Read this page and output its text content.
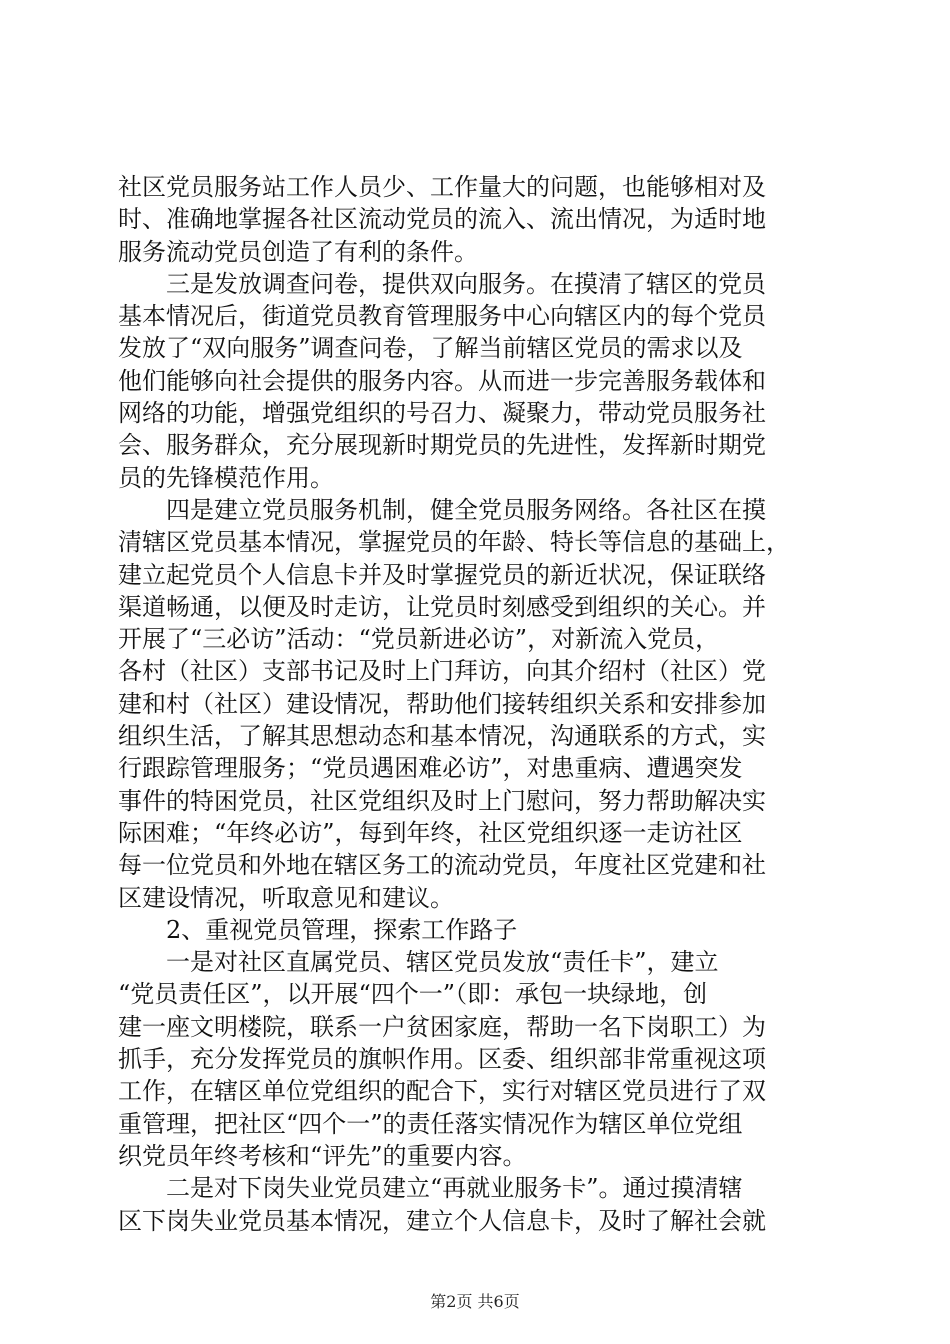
社区党员服务站工作人员少、工作量大的问题，也能够相对及
时、准确地掌握各社区流动党员的流入、流出情况，为适时地
服务流动党员创造了有利的条件。
　　三是发放调查问卷，提供双向服务。在摸清了辖区的党员
基本情况后，街道党员教育管理服务中心向辖区内的每个党员
发放了“双向服务”调查问卷，了解当前辖区党员的需求以及
他们能够向社会提供的服务内容。从而进一步完善服务载体和
网络的功能，增强党组织的号召力、凝聚力，带动党员服务社
会、服务群众，充分展现新时期党员的先进性，发挥新时期党
员的先锋模范作用。
　　四是建立党员服务机制，健全党员服务网络。各社区在摸
清辖区党员基本情况，掌握党员的年龄、特长等信息的基础上，
建立起党员个人信息卡并及时掌握党员的新近状况，保证联络
渠道畅通，以便及时走访，让党员时刻感受到组织的关心。并
开展了“三必访”活动：“党员新进必访”，对新流入党员，
各村（社区）支部书记及时上门拜访，向其介绍村（社区）党
建和村（社区）建设情况，帮助他们接转组织关系和安排参加
组织生活，了解其思想动态和基本情况，沟通联系的方式，实
行跟踪管理服务；“党员遇困难必访”，对患重病、遭遇突发
事件的特困党员，社区党组织及时上门慰问，努力帮助解决实
际困难；“年终必访”，每到年终，社区党组织逐一走访社区
每一位党员和外地在辖区务工的流动党员，年度社区党建和社
区建设情况，听取意见和建议。
　　2、重视党员管理，探索工作路子
　　一是对社区直属党员、辖区党员发放“责任卡”，建立
“党员责任区”，以开展“四个一”（即：承包一块绿地，创
建一座文明楼院，联系一户贫困家庭，帮助一名下岗职工）为
抓手，充分发挥党员的旗帜作用。区委、组织部非常重视这项
工作，在辖区单位党组织的配合下，实行对辖区党员进行了双
重管理，把社区“四个一”的责任落实情况作为辖区单位党组
织党员年终考核和“评先”的重要内容。
　　二是对下岗失业党员建立“再就业服务卡”。通过摸清辖
区下岗失业党员基本情况，建立个人信息卡，及时了解社会就
第2页 共6页
